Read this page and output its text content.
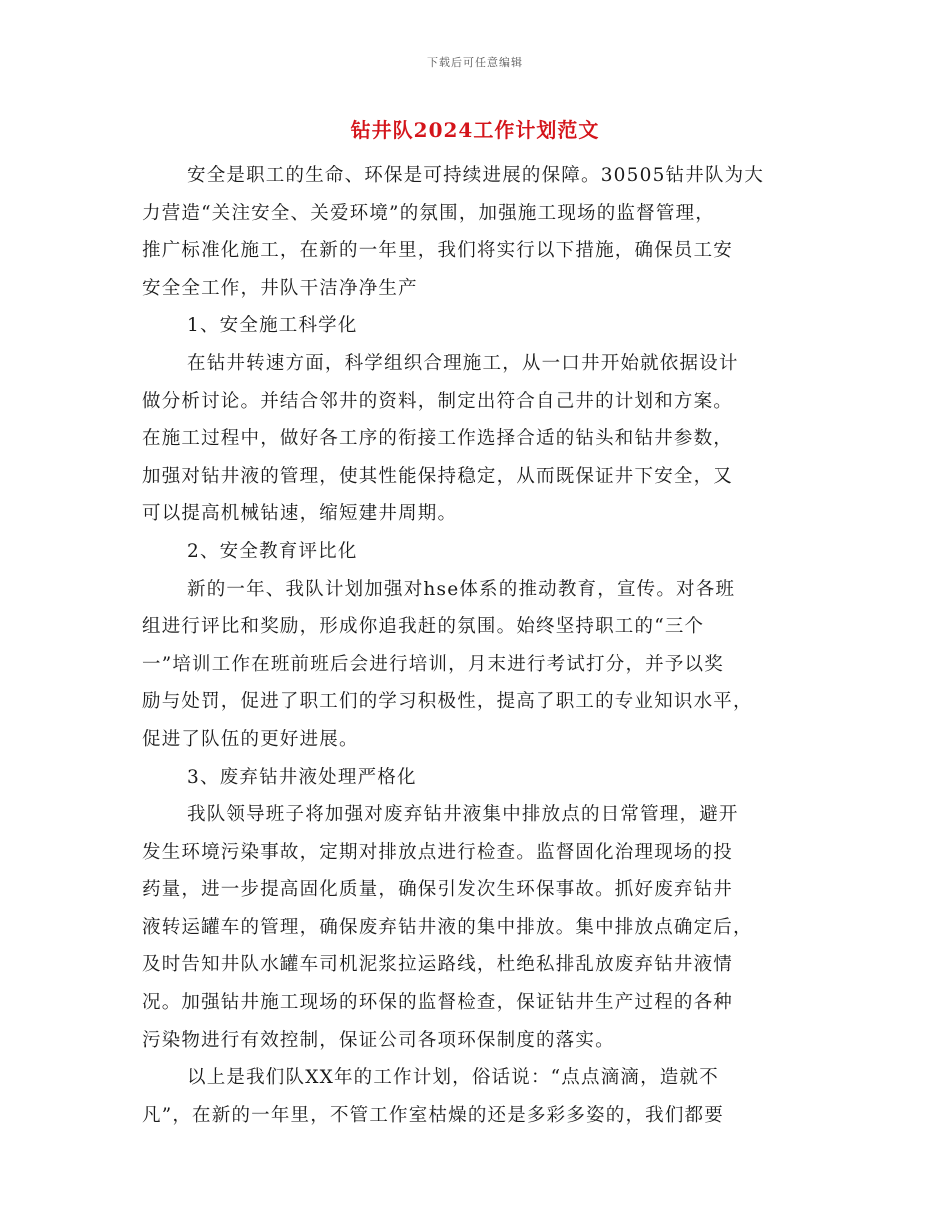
下载后可任意编辑
钻井队2024工作计划范文
安全是职工的生命、环保是可持续进展的保障。30505钻井队为大
力营造“关注安全、关爱环境”的氛围，加强施工现场的监督管理，
推广标准化施工，在新的一年里，我们将实行以下措施，确保员工安
安全全工作，井队干洁净净生产
1、安全施工科学化
在钻井转速方面，科学组织合理施工，从一口井开始就依据设计
做分析讨论。并结合邻井的资料，制定出符合自己井的计划和方案。
在施工过程中，做好各工序的衔接工作选择合适的钻头和钻井参数，
加强对钻井液的管理，使其性能保持稳定，从而既保证井下安全，又
可以提高机械钻速，缩短建井周期。
2、安全教育评比化
新的一年、我队计划加强对hse体系的推动教育，宣传。对各班
组进行评比和奖励，形成你追我赶的氛围。始终坚持职工的“三个
一”培训工作在班前班后会进行培训，月末进行考试打分，并予以奖
励与处罚，促进了职工们的学习积极性，提高了职工的专业知识水平，
促进了队伍的更好进展。
3、废弃钻井液处理严格化
我队领导班子将加强对废弃钻井液集中排放点的日常管理，避开
发生环境污染事故，定期对排放点进行检查。监督固化治理现场的投
药量，进一步提高固化质量，确保引发次生环保事故。抓好废弃钻井
液转运罐车的管理，确保废弃钻井液的集中排放。集中排放点确定后，
及时告知井队水罐车司机泥浆拉运路线，杜绝私排乱放废弃钻井液情
况。加强钻井施工现场的环保的监督检查，保证钻井生产过程的各种
污染物进行有效控制，保证公司各项环保制度的落实。
以上是我们队XX年的工作计划，俗话说：“点点滴滴，造就不
凡”，在新的一年里，不管工作室枯燥的还是多彩多姿的，我们都要
